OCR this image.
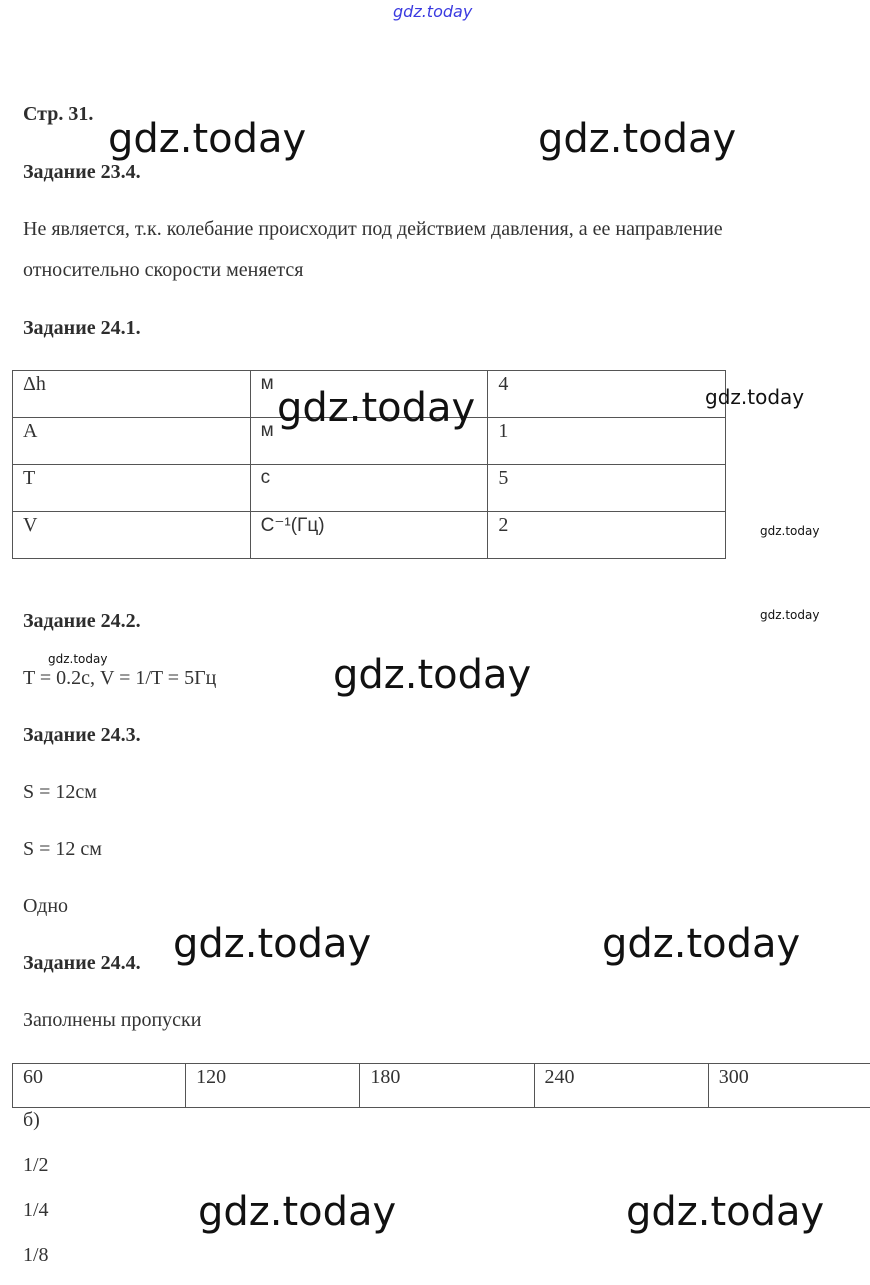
gdz.today
Стр. 31.
Задание 23.4.
Не является, т.к. колебание происходит под действием давления, а ее направление
относительно скорости меняется
Задание 24.1.
Δh	м	4
A	м	1
T	с	5
V	С⁻¹(Гц)	2
Задание 24.2.
T = 0.2с, V = 1/T = 5Гц
Задание 24.3.
S = 12см
S = 12 см
Одно
Задание 24.4.
Заполнены пропуски
60	120	180	240	300
б)
1/2
1/4
1/8
gdz.today	gdz.today
gdz.today	gdz.today
gdz.today
gdz.today
gdz.today	gdz.today
gdz.today	gdz.today
gdz.today	gdz.today
